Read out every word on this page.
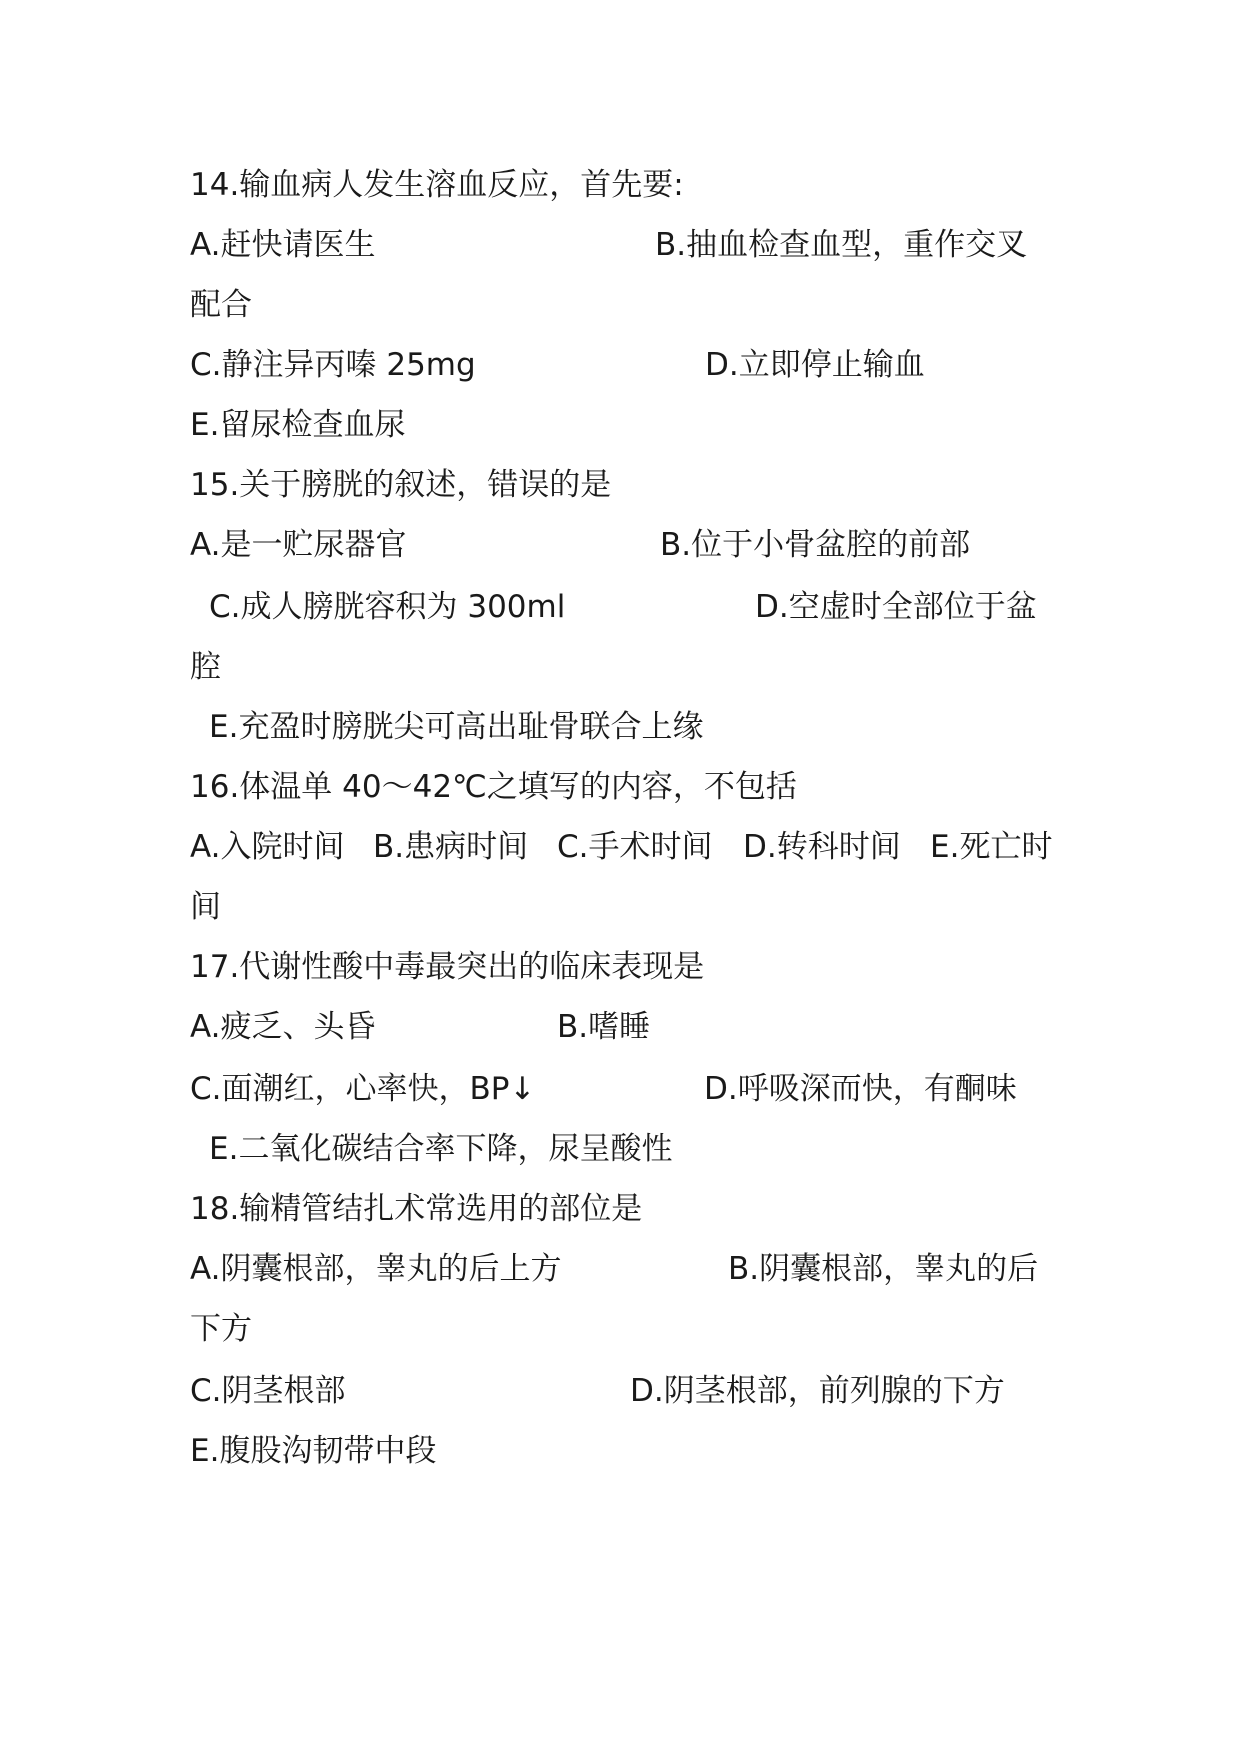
14.输血病人发生溶血反应，首先要:
A.赶快请医生	B.抽血检查血型，重作交叉
配合
C.静注异丙嗪 25mg	D.立即停止输血
E.留尿检查血尿
15.关于膀胱的叙述，错误的是
A.是一贮尿器官	B.位于小骨盆腔的前部
C.成人膀胱容积为 300ml	D.空虚时全部位于盆
腔
E.充盈时膀胱尖可高出耻骨联合上缘
16.体温单 40～42℃之填写的内容，不包括
A.入院时间 B.患病时间 C.手术时间 D.转科时间 E.死亡时
间
17.代谢性酸中毒最突出的临床表现是
A.疲乏、头昏	B.嗜睡
C.面潮红，心率快，BP↓	D.呼吸深而快，有酮味
E.二氧化碳结合率下降，尿呈酸性
18.输精管结扎术常选用的部位是
A.阴囊根部，睾丸的后上方	B.阴囊根部，睾丸的后
下方
C.阴茎根部	D.阴茎根部，前列腺的下方
E.腹股沟韧带中段
